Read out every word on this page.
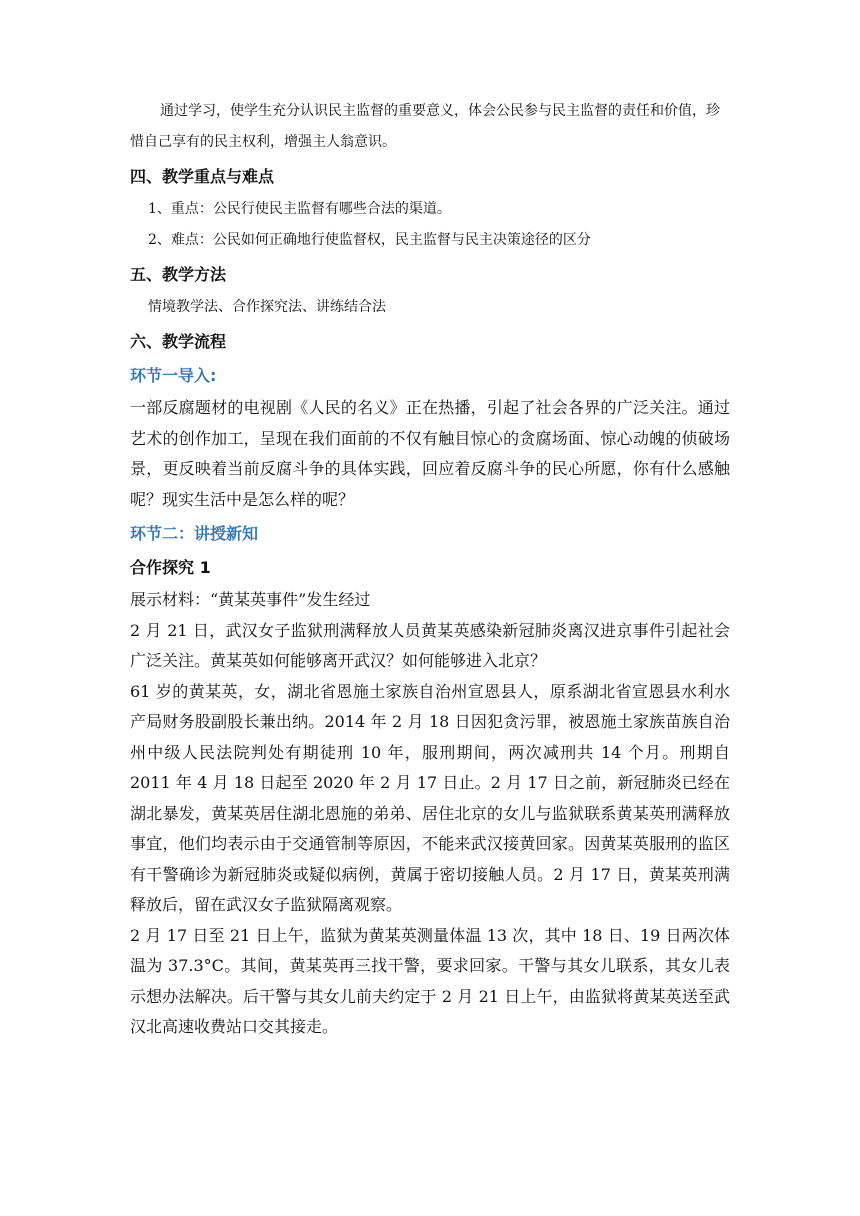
通过学习，使学生充分认识民主监督的重要意义，体会公民参与民主监督的责任和价值，珍惜自己享有的民主权利，增强主人翁意识。

四、教学重点与难点

1、重点：公民行使民主监督有哪些合法的渠道。

2、难点：公民如何正确地行使监督权，民主监督与民主决策途径的区分

五、教学方法

情境教学法、合作探究法、讲练结合法

六、教学流程
环节一导入:

一部反腐题材的电视剧《人民的名义》正在热播，引起了社会各界的广泛关注。通过艺术的创作加工，呈现在我们面前的不仅有触目惊心的贪腐场面、惊心动魄的侦破场景，更反映着当前反腐斗争的具体实践，回应着反腐斗争的民心所愿，你有什么感触呢？现实生活中是怎么样的呢？

环节二：讲授新知
合作探究 1

展示材料：“黄某英事件”发生经过

2 月 21 日，武汉女子监狱刑满释放人员黄某英感染新冠肺炎离汉进京事件引起社会广泛关注。黄某英如何能够离开武汉？如何能够进入北京？

61 岁的黄某英，女，湖北省恩施土家族自治州宣恩县人，原系湖北省宣恩县水利水产局财务股副股长兼出纳。2014 年 2 月 18 日因犯贪污罪，被恩施土家族苗族自治州中级人民法院判处有期徒刑 10 年，服刑期间，两次减刑共 14 个月。刑期自 2011 年 4 月 18 日起至 2020 年 2 月 17 日止。2 月 17 日之前，新冠肺炎已经在湖北暴发，黄某英居住湖北恩施的弟弟、居住北京的女儿与监狱联系黄某英刑满释放事宜，他们均表示由于交通管制等原因，不能来武汉接黄回家。因黄某英服刑的监区有干警确诊为新冠肺炎或疑似病例，黄属于密切接触人员。2 月 17 日，黄某英刑满释放后，留在武汉女子监狱隔离观察。

2 月 17 日至 21 日上午，监狱为黄某英测量体温 13 次，其中 18 日、19 日两次体温为 37.3°C。其间，黄某英再三找干警，要求回家。干警与其女儿联系，其女儿表示想办法解决。后干警与其女儿前夫约定于 2 月 21 日上午，由监狱将黄某英送至武汉北高速收费站口交其接走。
